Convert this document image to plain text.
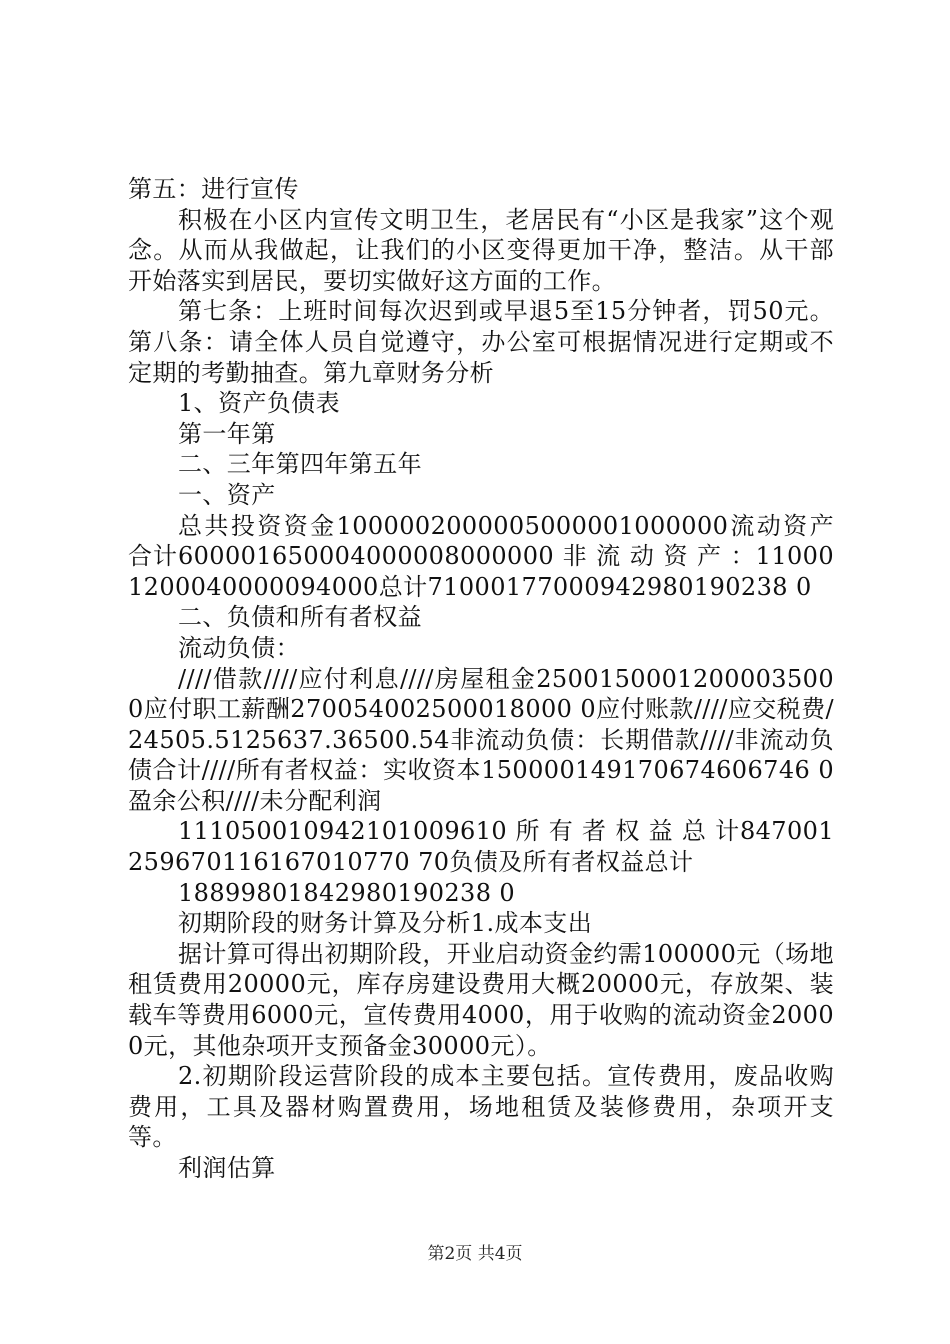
第五：进行宣传

积极在小区内宣传文明卫生，老居民有“小区是我家”这个观念。从而从我做起，让我们的小区变得更加干净，整洁。从干部开始落实到居民，要切实做好这方面的工作。

第七条：上班时间每次迟到或早退5至15分钟者，罚50元。第八条：请全体人员自觉遵守，办公室可根据情况进行定期或不定期的考勤抽查。第九章财务分析

1、资产负债表

第一年第

二、三年第四年第五年

一、资产

总共投资资金1000002000005000001000000流动资产合计600001650004000008000000 非 流 动 资 产 ：110001200040000094000总计71000177000942980190238 0

二、负债和所有者权益

流动负债：

////借款////应付利息////房屋租金25001500012000035000应付职工薪酬270054002500018000 0应付账款////应交税费/24505.5125637.36500.54非流动负债：长期借款////非流动负债合计////所有者权益：实收资本150000149170674606746 0盈余公积////未分配利润

111050010942101009610 所 有 者 权 益 总 计847001259670116167010770 70负债及所有者权益总计

18899801842980190238 0

初期阶段的财务计算及分析1.成本支出

据计算可得出初期阶段，开业启动资金约需100000元（场地租赁费用20000元，库存房建设费用大概20000元，存放架、装载车等费用6000元，宣传费用4000，用于收购的流动资金20000元，其他杂项开支预备金30000元）。

2.初期阶段运营阶段的成本主要包括。宣传费用，废品收购费用，工具及器材购置费用，场地租赁及装修费用，杂项开支等。

利润估算

第2页 共4页
